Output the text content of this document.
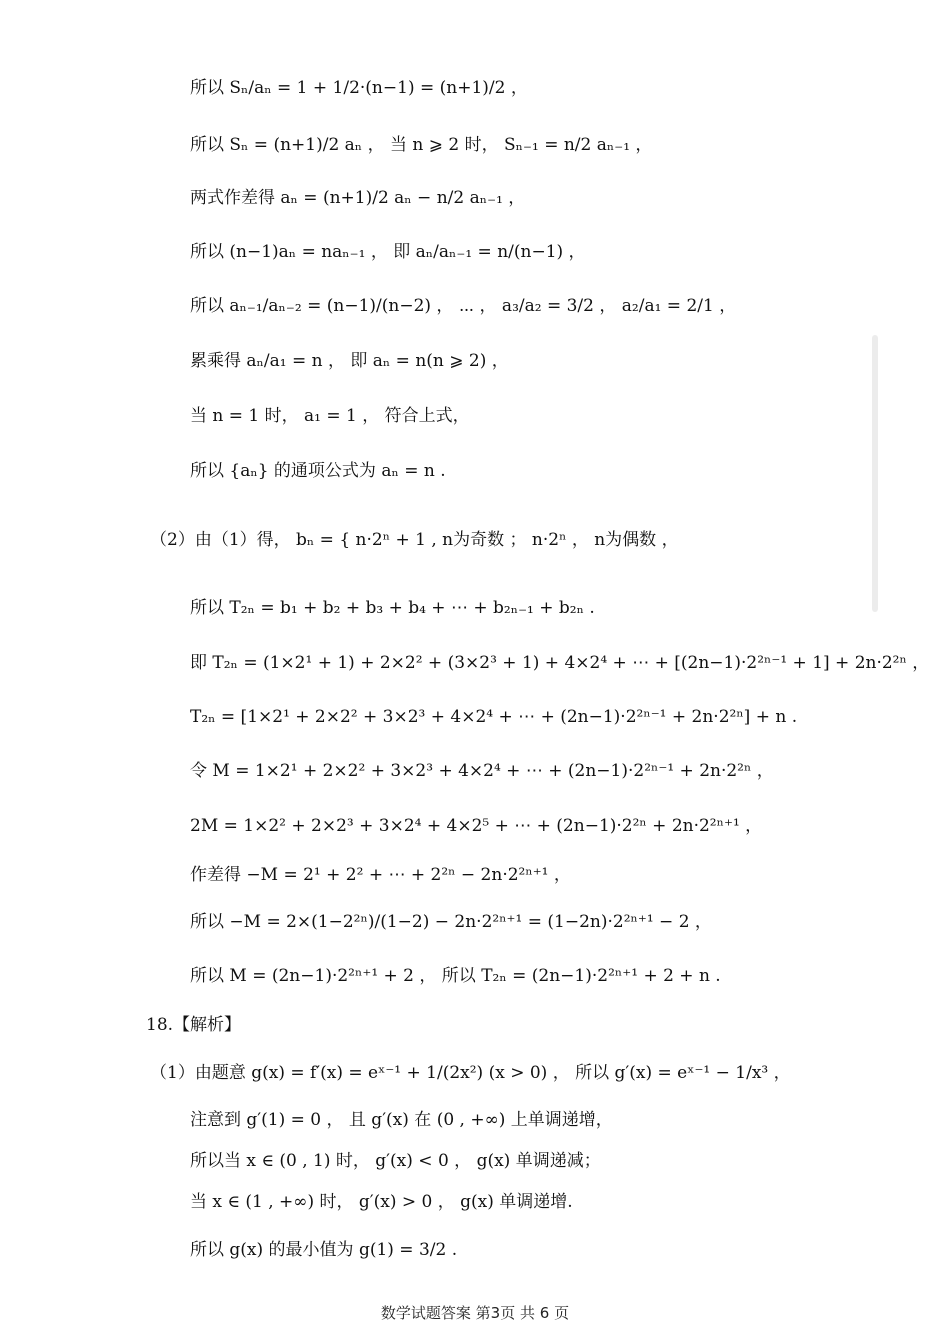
所以 Sₙ/aₙ = 1 + 1/2·(n−1) = (n+1)/2 ，
所以 Sₙ = (n+1)/2 aₙ ， 当 n ⩾ 2 时， Sₙ₋₁ = n/2 aₙ₋₁ ，
两式作差得 aₙ = (n+1)/2 aₙ − n/2 aₙ₋₁ ，
所以 (n−1)aₙ = naₙ₋₁ ， 即 aₙ/aₙ₋₁ = n/(n−1) ，
所以 aₙ₋₁/aₙ₋₂ = (n−1)/(n−2) ， ⋯ ， a₃/a₂ = 3/2 ， a₂/a₁ = 2/1 ，
累乘得 aₙ/a₁ = n ， 即 aₙ = n(n ⩾ 2) ，
当 n = 1 时， a₁ = 1 ， 符合上式，
所以 {aₙ} 的通项公式为 aₙ = n .
（2）由（1）得， bₙ = { n·2ⁿ + 1 , n为奇数 ； n·2ⁿ ， n为偶数 ，
所以 T₂ₙ = b₁ + b₂ + b₃ + b₄ + ⋯ + b₂ₙ₋₁ + b₂ₙ .
即 T₂ₙ = (1×2¹ + 1) + 2×2² + (3×2³ + 1) + 4×2⁴ + ⋯ + [(2n−1)·2²ⁿ⁻¹ + 1] + 2n·2²ⁿ ，
T₂ₙ = [1×2¹ + 2×2² + 3×2³ + 4×2⁴ + ⋯ + (2n−1)·2²ⁿ⁻¹ + 2n·2²ⁿ] + n .
令 M = 1×2¹ + 2×2² + 3×2³ + 4×2⁴ + ⋯ + (2n−1)·2²ⁿ⁻¹ + 2n·2²ⁿ ，
2M = 1×2² + 2×2³ + 3×2⁴ + 4×2⁵ + ⋯ + (2n−1)·2²ⁿ + 2n·2²ⁿ⁺¹ ，
作差得 −M = 2¹ + 2² + ⋯ + 2²ⁿ − 2n·2²ⁿ⁺¹ ，
所以 −M = 2×(1−2²ⁿ)/(1−2) − 2n·2²ⁿ⁺¹ = (1−2n)·2²ⁿ⁺¹ − 2 ，
所以 M = (2n−1)·2²ⁿ⁺¹ + 2 ， 所以 T₂ₙ = (2n−1)·2²ⁿ⁺¹ + 2 + n .
18.【解析】
（1）由题意 g(x) = f′(x) = eˣ⁻¹ + 1/(2x²) (x > 0) ， 所以 g′(x) = eˣ⁻¹ − 1/x³ ，
注意到 g′(1) = 0 ， 且 g′(x) 在 (0 , +∞) 上单调递增，
所以当 x ∈ (0 , 1) 时， g′(x) < 0 ， g(x) 单调递减；
当 x ∈ (1 , +∞) 时， g′(x) > 0 ， g(x) 单调递增.
所以 g(x) 的最小值为 g(1) = 3/2 .
数学试题答案 第3页 共 6 页
